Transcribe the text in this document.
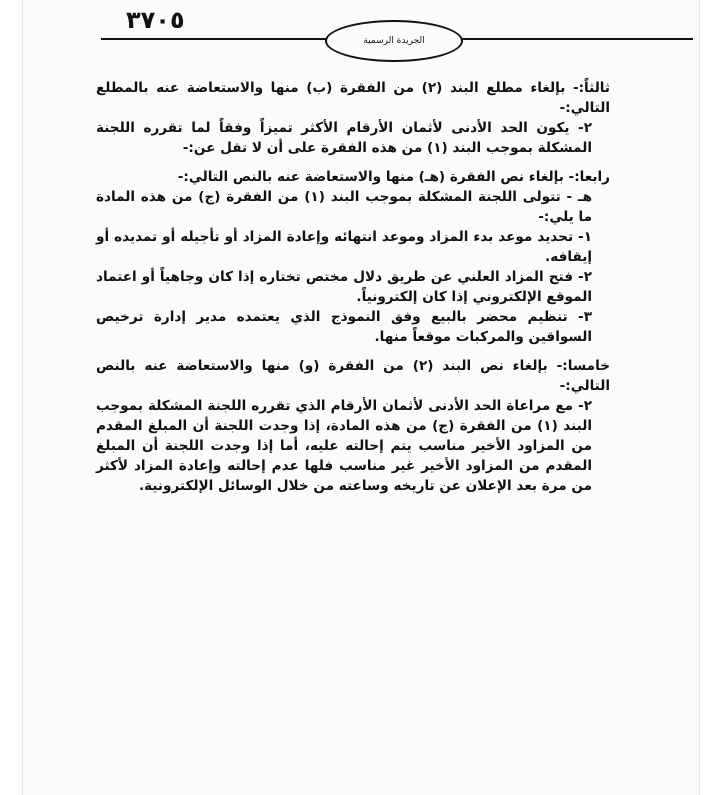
٣٧٠٥
الجريدة الرسمية

ثالثاً:- بإلغاء مطلع البند (٢) من الفقرة (ب) منها والاستعاضة عنه بالمطلع التالي:-

٢- يكون الحد الأدنى لأثمان الأرقام الأكثر تميزاً وفقاً لما تقرره اللجنة المشكلة بموجب البند (١) من هذه الفقرة على أن لا تقل عن:-

رابعا:- بإلغاء نص الفقرة (هـ) منها والاستعاضة عنه بالنص التالي:-

هـ - تتولى اللجنة المشكلة بموجب البند (١) من الفقرة (ج) من هذه المادة ما يلي:-

١- تحديد موعد بدء المزاد وموعد انتهائه وإعادة المزاد أو تأجيله أو تمديده أو إيقافه.

٢- فتح المزاد العلني عن طريق دلال مختص تختاره إذا كان وجاهياً أو اعتماد الموقع الإلكتروني إذا كان إلكترونياً.

٣- تنظيم محضر بالبيع وفق النموذج الذي يعتمده مدير إدارة ترخيص السواقين والمركبات موقعاً منها.

خامسا:- بإلغاء نص البند (٢) من الفقرة (و) منها والاستعاضة عنه بالنص التالي:-

٢- مع مراعاة الحد الأدنى لأثمان الأرقام الذي تقرره اللجنة المشكلة بموجب البند (١) من الفقرة (ج) من هذه المادة، إذا وجدت اللجنة أن المبلغ المقدم من المزاود الأخير مناسب يتم إحالته عليه، أما إذا وجدت اللجنة أن المبلغ المقدم من المزاود الأخير غير مناسب فلها عدم إحالته وإعادة المزاد لأكثر من مرة بعد الإعلان عن تاريخه وساعته من خلال الوسائل الإلكترونية.
